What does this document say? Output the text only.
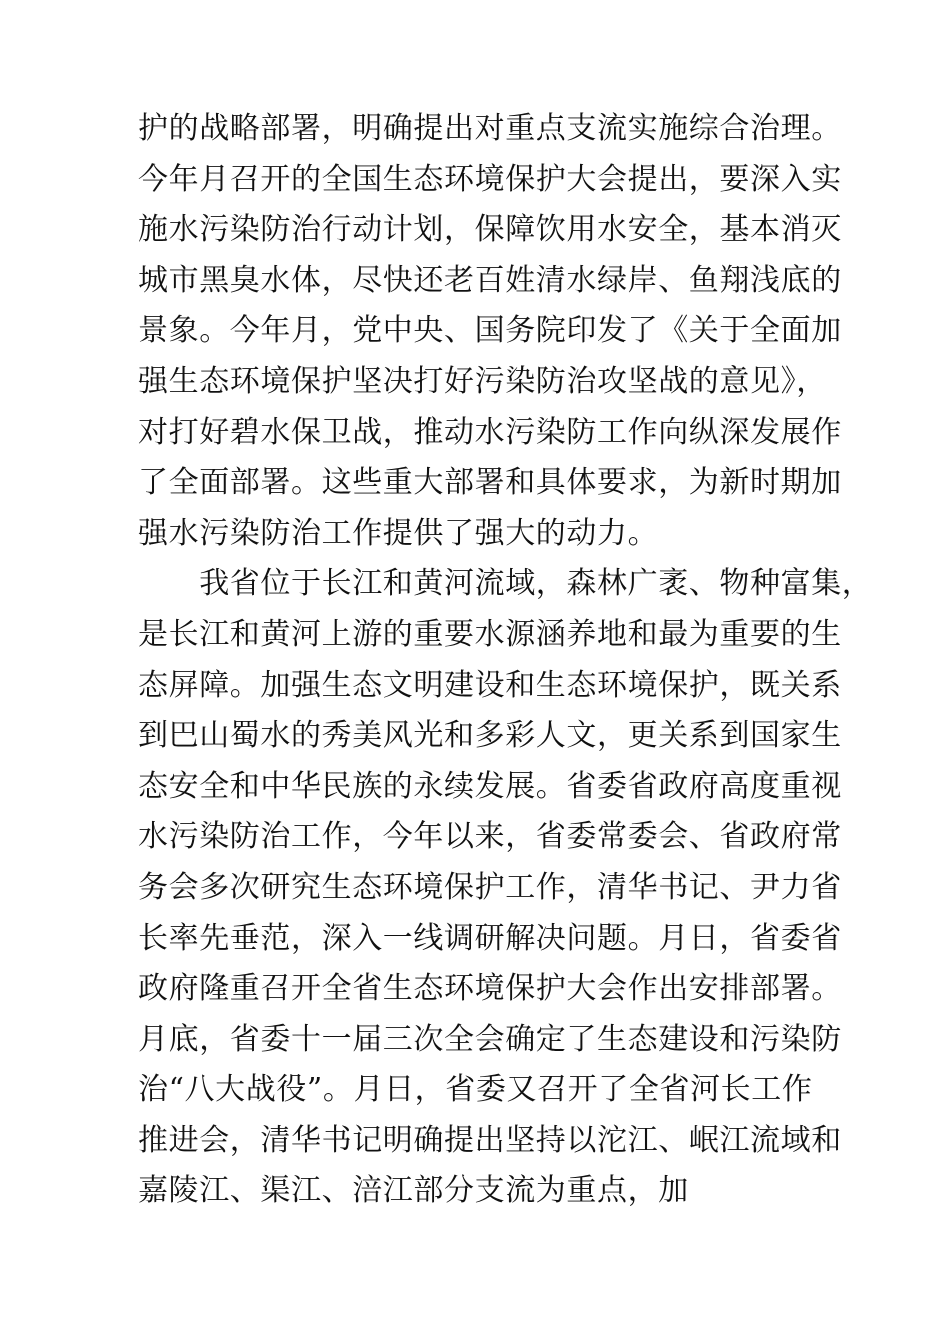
护的战略部署，明确提出对重点支流实施综合治理。
今年月召开的全国生态环境保护大会提出，要深入实
施水污染防治行动计划，保障饮用水安全，基本消灭
城市黑臭水体，尽快还老百姓清水绿岸、鱼翔浅底的
景象。今年月，党中央、国务院印发了《关于全面加
强生态环境保护坚决打好污染防治攻坚战的意见》，
对打好碧水保卫战，推动水污染防工作向纵深发展作
了全面部署。这些重大部署和具体要求，为新时期加
强水污染防治工作提供了强大的动力。
　　我省位于长江和黄河流域，森林广袤、物种富集，
是长江和黄河上游的重要水源涵养地和最为重要的生
态屏障。加强生态文明建设和生态环境保护，既关系
到巴山蜀水的秀美风光和多彩人文，更关系到国家生
态安全和中华民族的永续发展。省委省政府高度重视
水污染防治工作，今年以来，省委常委会、省政府常
务会多次研究生态环境保护工作，清华书记、尹力省
长率先垂范，深入一线调研解决问题。月日，省委省
政府隆重召开全省生态环境保护大会作出安排部署。
月底，省委十一届三次全会确定了生态建设和污染防
治“八大战役”。月日，省委又召开了全省河长工作
推进会，清华书记明确提出坚持以沱江、岷江流域和
嘉陵江、渠江、涪江部分支流为重点，加
